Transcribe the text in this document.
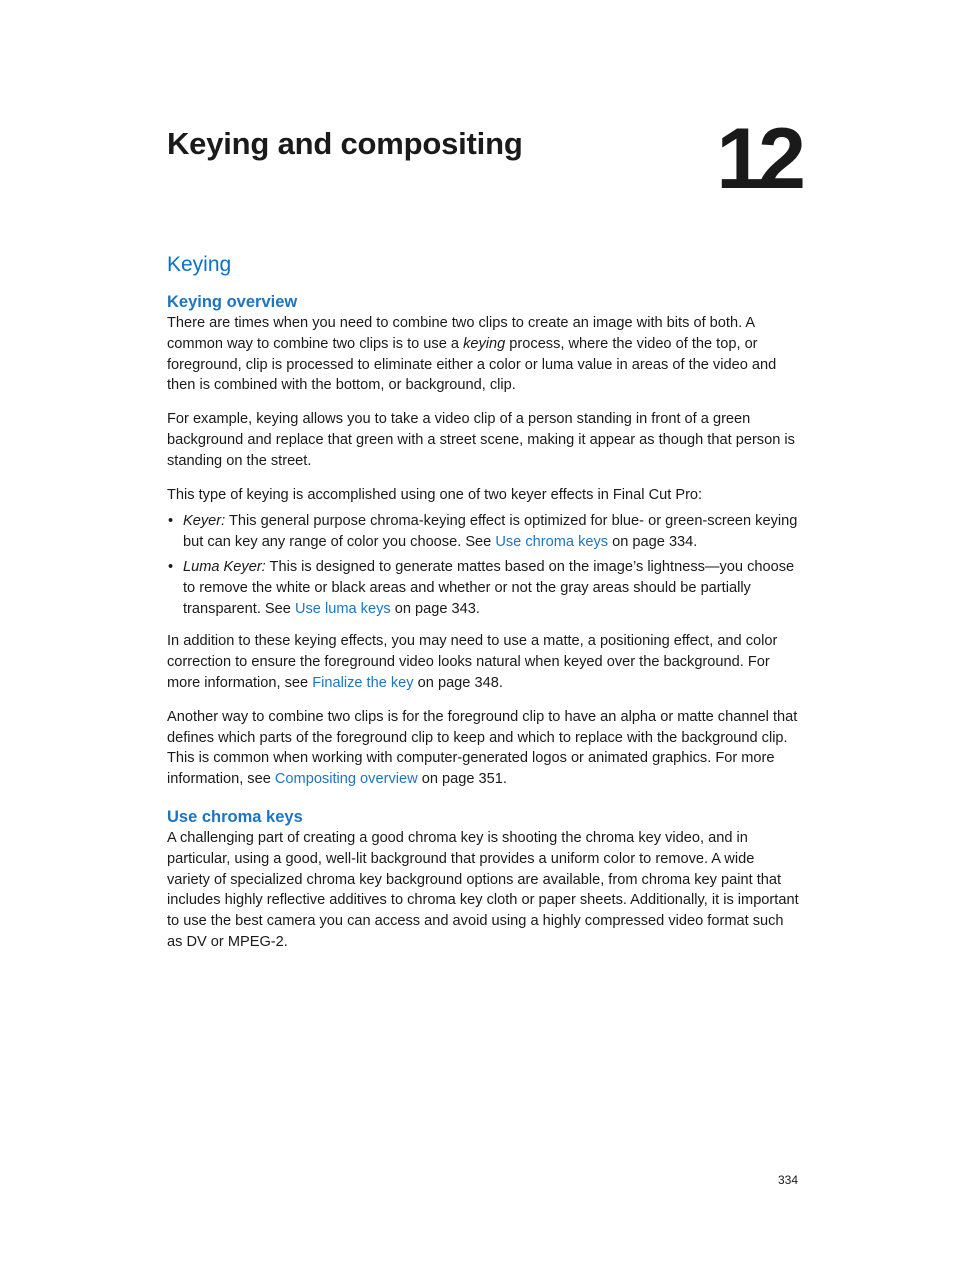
Keying and compositing 12
Keying
Keying overview

There are times when you need to combine two clips to create an image with bits of both. A common way to combine two clips is to use a keying process, where the video of the top, or foreground, clip is processed to eliminate either a color or luma value in areas of the video and then is combined with the bottom, or background, clip.

For example, keying allows you to take a video clip of a person standing in front of a green background and replace that green with a street scene, making it appear as though that person is standing on the street.

This type of keying is accomplished using one of two keyer effects in Final Cut Pro:

• Keyer: This general purpose chroma-keying effect is optimized for blue- or green-screen keying but can key any range of color you choose. See Use chroma keys on page 334.
• Luma Keyer: This is designed to generate mattes based on the image’s lightness—you choose to remove the white or black areas and whether or not the gray areas should be partially transparent. See Use luma keys on page 343.

In addition to these keying effects, you may need to use a matte, a positioning effect, and color correction to ensure the foreground video looks natural when keyed over the background. For more information, see Finalize the key on page 348.

Another way to combine two clips is for the foreground clip to have an alpha or matte channel that defines which parts of the foreground clip to keep and which to replace with the background clip. This is common when working with computer-generated logos or animated graphics. For more information, see Compositing overview on page 351.

Use chroma keys

A challenging part of creating a good chroma key is shooting the chroma key video, and in particular, using a good, well-lit background that provides a uniform color to remove. A wide variety of specialized chroma key background options are available, from chroma key paint that includes highly reflective additives to chroma key cloth or paper sheets. Additionally, it is important to use the best camera you can access and avoid using a highly compressed video format such as DV or MPEG-2.

334
